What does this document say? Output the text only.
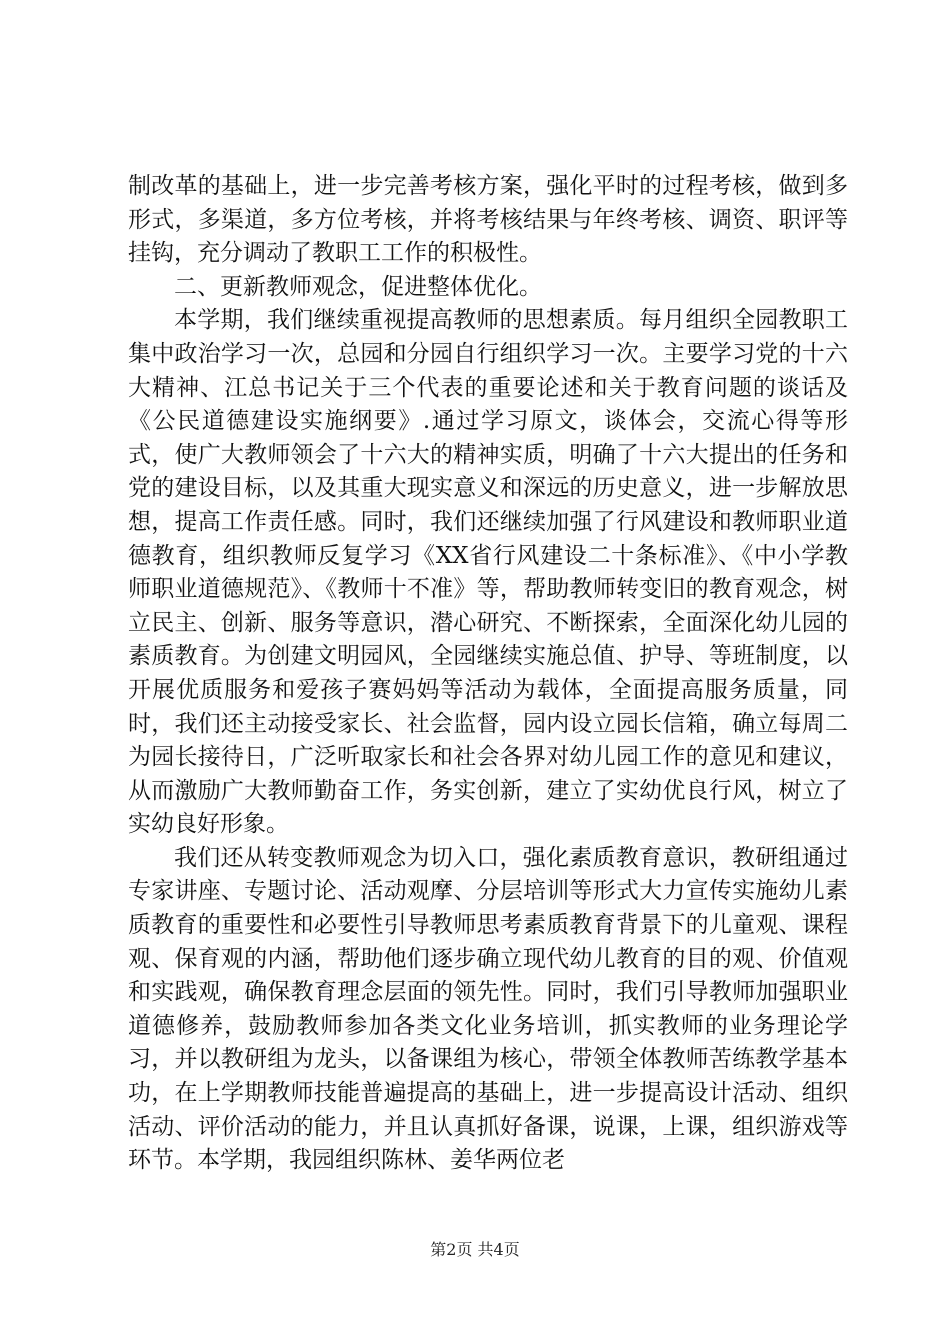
制改革的基础上，进一步完善考核方案，强化平时的过程考核，做到多形式，多渠道，多方位考核，并将考核结果与年终考核、调资、职评等挂钩，充分调动了教职工工作的积极性。

二、更新教师观念，促进整体优化。

本学期，我们继续重视提高教师的思想素质。每月组织全园教职工集中政治学习一次，总园和分园自行组织学习一次。主要学习党的十六大精神、江总书记关于三个代表的重要论述和关于教育问题的谈话及《公民道德建设实施纲要》.通过学习原文，谈体会，交流心得等形式，使广大教师领会了十六大的精神实质，明确了十六大提出的任务和党的建设目标，以及其重大现实意义和深远的历史意义，进一步解放思想，提高工作责任感。同时，我们还继续加强了行风建设和教师职业道德教育，组织教师反复学习《XX省行风建设二十条标准》、《中小学教师职业道德规范》、《教师十不准》等，帮助教师转变旧的教育观念，树立民主、创新、服务等意识，潜心研究、不断探索，全面深化幼儿园的素质教育。为创建文明园风，全园继续实施总值、护导、等班制度，以开展优质服务和爱孩子赛妈妈等活动为载体，全面提高服务质量，同时，我们还主动接受家长、社会监督，园内设立园长信箱，确立每周二为园长接待日，广泛听取家长和社会各界对幼儿园工作的意见和建议，从而激励广大教师勤奋工作，务实创新，建立了实幼优良行风，树立了实幼良好形象。

我们还从转变教师观念为切入口，强化素质教育意识，教研组通过专家讲座、专题讨论、活动观摩、分层培训等形式大力宣传实施幼儿素质教育的重要性和必要性引导教师思考素质教育背景下的儿童观、课程观、保育观的内涵，帮助他们逐步确立现代幼儿教育的目的观、价值观和实践观，确保教育理念层面的领先性。同时，我们引导教师加强职业道德修养，鼓励教师参加各类文化业务培训，抓实教师的业务理论学习，并以教研组为龙头，以备课组为核心，带领全体教师苦练教学基本功，在上学期教师技能普遍提高的基础上，进一步提高设计活动、组织活动、评价活动的能力，并且认真抓好备课，说课，上课，组织游戏等环节。本学期，我园组织陈林、姜华两位老

第2页 共4页
